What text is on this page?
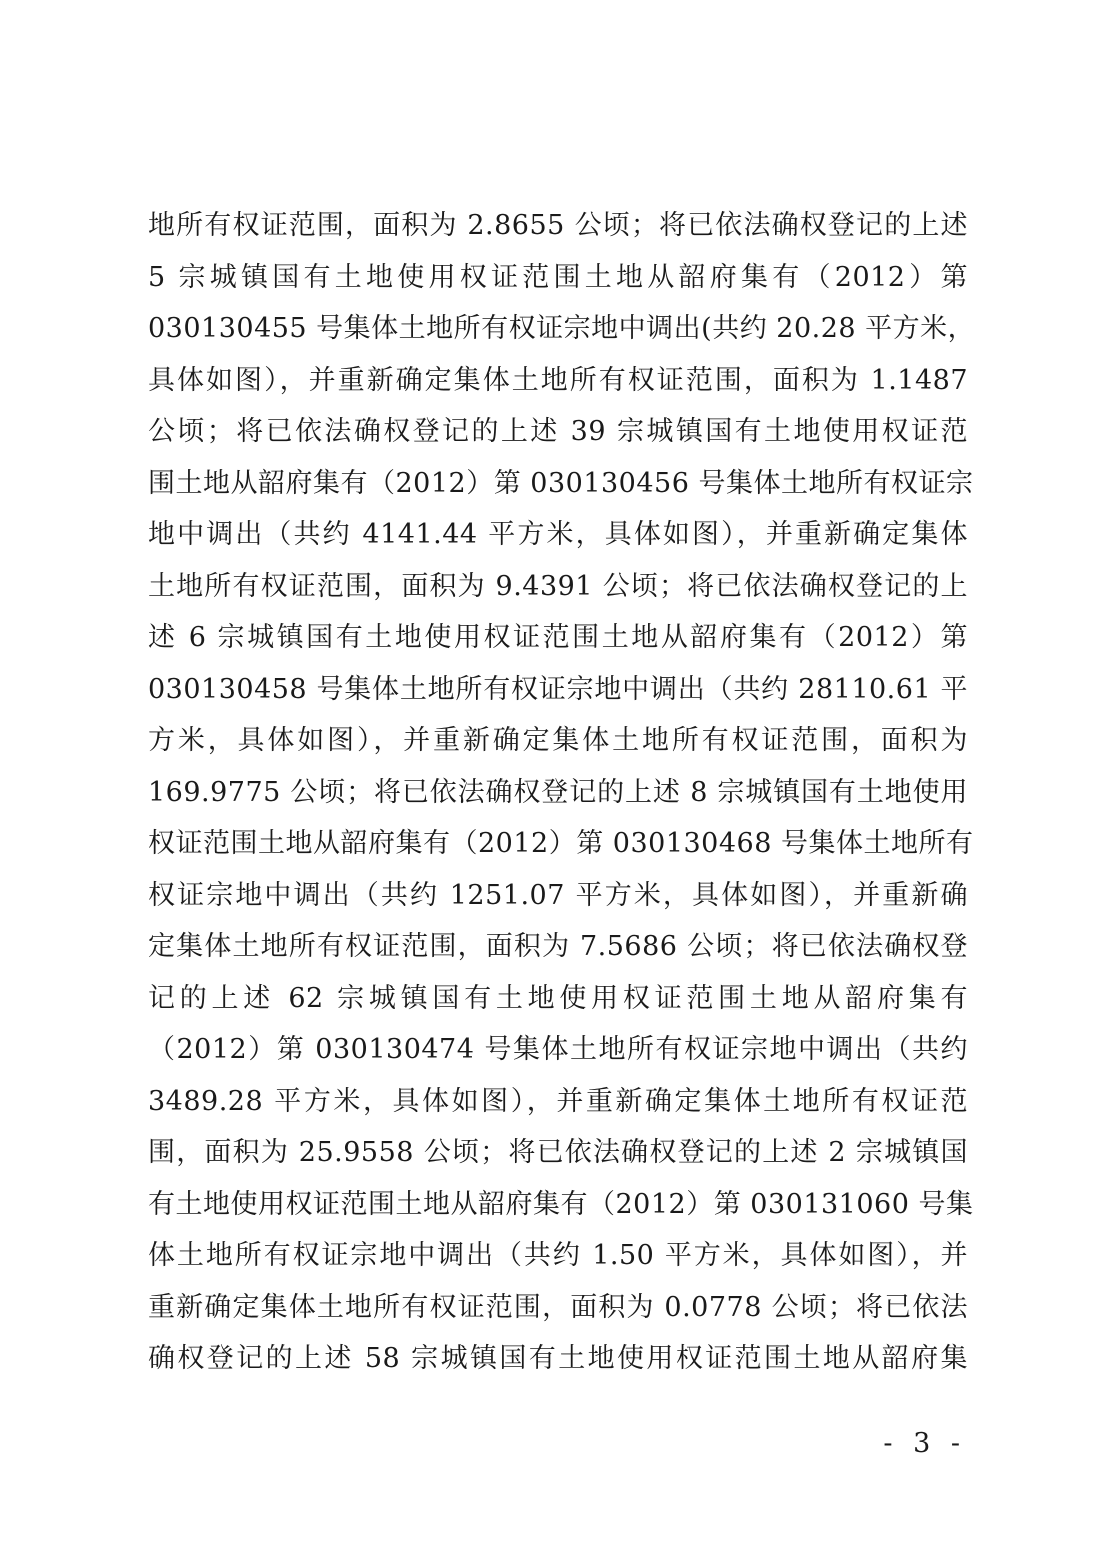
地所有权证范围，面积为 2.8655 公顷；将已依法确权登记的上述
5 宗城镇国有土地使用权证范围土地从韶府集有（2012）第
030130455 号集体土地所有权证宗地中调出(共约 20.28 平方米，
具体如图），并重新确定集体土地所有权证范围，面积为 1.1487
公顷；将已依法确权登记的上述 39 宗城镇国有土地使用权证范
围土地从韶府集有（2012）第 030130456 号集体土地所有权证宗
地中调出（共约 4141.44 平方米，具体如图），并重新确定集体
土地所有权证范围，面积为 9.4391 公顷；将已依法确权登记的上
述 6 宗城镇国有土地使用权证范围土地从韶府集有（2012）第
030130458 号集体土地所有权证宗地中调出（共约 28110.61 平
方米，具体如图），并重新确定集体土地所有权证范围，面积为
169.9775 公顷；将已依法确权登记的上述 8 宗城镇国有土地使用
权证范围土地从韶府集有（2012）第 030130468 号集体土地所有
权证宗地中调出（共约 1251.07 平方米，具体如图），并重新确
定集体土地所有权证范围，面积为 7.5686 公顷；将已依法确权登
记的上述 62 宗城镇国有土地使用权证范围土地从韶府集有
（2012）第 030130474 号集体土地所有权证宗地中调出（共约
3489.28 平方米，具体如图），并重新确定集体土地所有权证范
围，面积为 25.9558 公顷；将已依法确权登记的上述 2 宗城镇国
有土地使用权证范围土地从韶府集有（2012）第 030131060 号集
体土地所有权证宗地中调出（共约 1.50 平方米，具体如图），并
重新确定集体土地所有权证范围，面积为 0.0778 公顷；将已依法
确权登记的上述 58 宗城镇国有土地使用权证范围土地从韶府集
- 3 -
